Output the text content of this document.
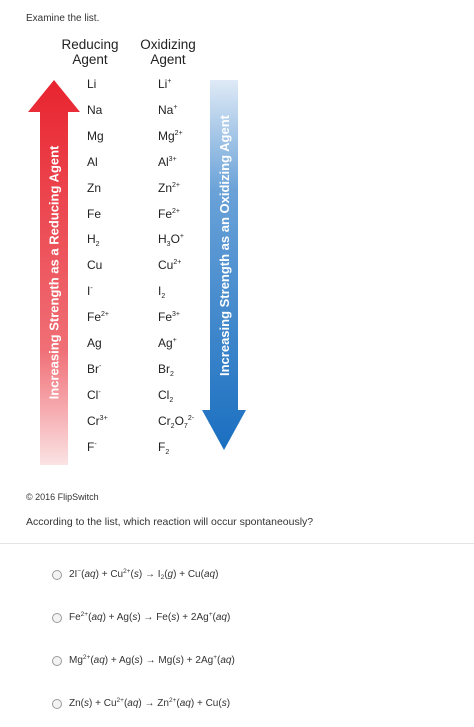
Examine the list.
Reducing
Agent
Oxidizing
Agent
Increasing Strength as a Reducing Agent	Increasing Strength as an Oxidizing Agent
Li	Li+
Na	Na+
Mg	$Mg^{2+}$
Al	$Al^{3+}$
Zn	$Zn^{2+}$
Fe	$Fe^{2+}$
$H_2$	$H_3O^+$
Cu	$Cu^{2+}$
I-	$I_2$
$Fe^{2+}$	$Fe^{3+}$
Ag	Ag+
Br-	$Br_2$
Cl-	$Cl_2$
$Cr^{3+}$	$Cr_2O_7^{2-}$
F-	$F_2$
© 2016 FlipSwitch
According to the list, which reaction will occur spontaneously?
$2I^-(aq) + Cu^{2+}(s) \to I_2(g) + Cu(aq)$
$Fe^{2+}(aq) + Ag(s) \to Fe(s) + 2Ag^+(aq)$
$Mg^{2+}(aq) + Ag(s) \to Mg(s) + 2Ag^+(aq)$
$Zn(s) + Cu^{2+}(aq) \to Zn^{2+}(aq) + Cu(s)$
